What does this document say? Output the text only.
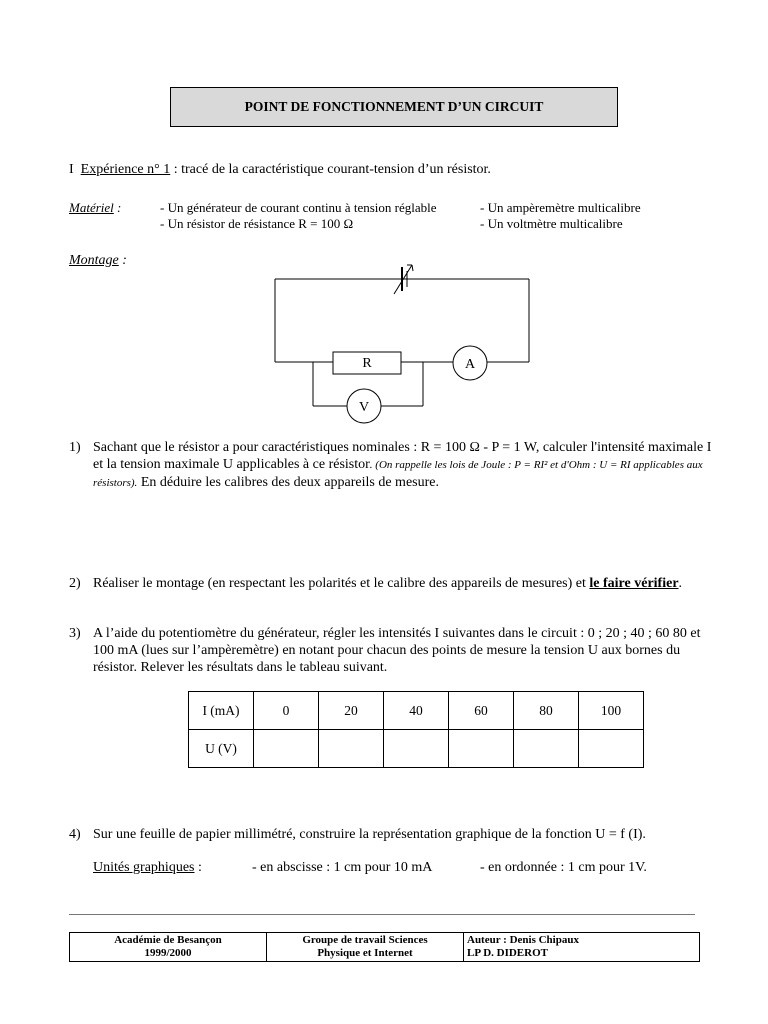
POINT DE FONCTIONNEMENT D’UN CIRCUIT
I Expérience n° 1 : tracé de la caractéristique courant-tension d’un résistor.
Matériel :	- Un générateur de courant continu à tension réglable
- Un résistor de résistance R = 100 Ω
- Un ampèremètre multicalibre
- Un voltmètre multicalibre
Montage :
R	A
V
1) Sachant que le résistor a pour caractéristiques nominales : R = 100 Ω - P = 1 W, calculer l'intensité maximale I et la tension maximale U applicables à ce résistor. (On rappelle les lois de Joule : P = RI² et d'Ohm : U = RI applicables aux résistors). En déduire les calibres des deux appareils de mesure.
2) Réaliser le montage (en respectant les polarités et le calibre des appareils de mesures) et le faire vérifier.
3) A l’aide du potentiomètre du générateur, régler les intensités I suivantes dans le circuit : 0 ; 20 ; 40 ; 60 80 et 100 mA (lues sur l’ampèremètre) en notant pour chacun des points de mesure la tension U aux bornes du résistor. Relever les résultats dans le tableau suivant.
I (mA)	0	20	40	60	80	100
U (V)						
4) Sur une feuille de papier millimétré, construire la représentation graphique de la fonction U = f (I).
Unités graphiques :	- en abscisse : 1 cm pour 10 mA	- en ordonnée : 1 cm pour 1V.
Académie de Besançon
1999/2000

Groupe de travail Sciences
Physique et Internet

Auteur : Denis Chipaux
LP D. DIDEROT
